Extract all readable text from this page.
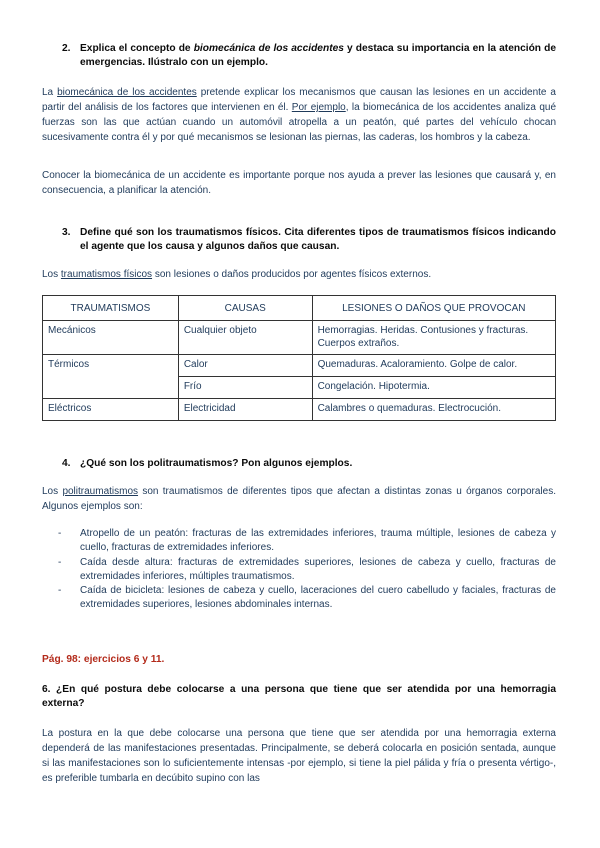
2. Explica el concepto de biomecánica de los accidentes y destaca su importancia en la atención de emergencias. Ilústralo con un ejemplo.
La biomecánica de los accidentes pretende explicar los mecanismos que causan las lesiones en un accidente a partir del análisis de los factores que intervienen en él. Por ejemplo, la biomecánica de los accidentes analiza qué fuerzas son las que actúan cuando un automóvil atropella a un peatón, qué partes del vehículo chocan sucesivamente contra él y por qué mecanismos se lesionan las piernas, las caderas, los hombros y la cabeza.
Conocer la biomecánica de un accidente es importante porque nos ayuda a prever las lesiones que causará y, en consecuencia, a planificar la atención.
3. Define qué son los traumatismos físicos. Cita diferentes tipos de traumatismos físicos indicando el agente que los causa y algunos daños que causan.
Los traumatismos físicos son lesiones o daños producidos por agentes físicos externos.
TRAUMATISMOS	CAUSAS	LESIONES O DAÑOS QUE PROVOCAN
Mecánicos	Cualquier objeto	Hemorragias. Heridas. Contusiones y fracturas. Cuerpos extraños.
Térmicos	Calor	Quemaduras. Acaloramiento. Golpe de calor.
	Frío	Congelación. Hipotermia.
Eléctricos	Electricidad	Calambres o quemaduras. Electrocución.
4. ¿Qué son los politraumatismos? Pon algunos ejemplos.
Los politraumatismos son traumatismos de diferentes tipos que afectan a distintas zonas u órganos corporales. Algunos ejemplos son:
- Atropello de un peatón: fracturas de las extremidades inferiores, trauma múltiple, lesiones de cabeza y cuello, fracturas de extremidades inferiores.
- Caída desde altura: fracturas de extremidades superiores, lesiones de cabeza y cuello, fracturas de extremidades inferiores, múltiples traumatismos.
- Caída de bicicleta: lesiones de cabeza y cuello, laceraciones del cuero cabelludo y faciales, fracturas de extremidades superiores, lesiones abdominales internas.
Pág. 98: ejercicios 6 y 11.
6. ¿En qué postura debe colocarse a una persona que tiene que ser atendida por una hemorragia externa?
La postura en la que debe colocarse una persona que tiene que ser atendida por una hemorragia externa dependerá de las manifestaciones presentadas. Principalmente, se deberá colocarla en posición sentada, aunque si las manifestaciones son lo suficientemente intensas -por ejemplo, si tiene la piel pálida y fría o presenta vértigo-, es preferible tumbarla en decúbito supino con las
